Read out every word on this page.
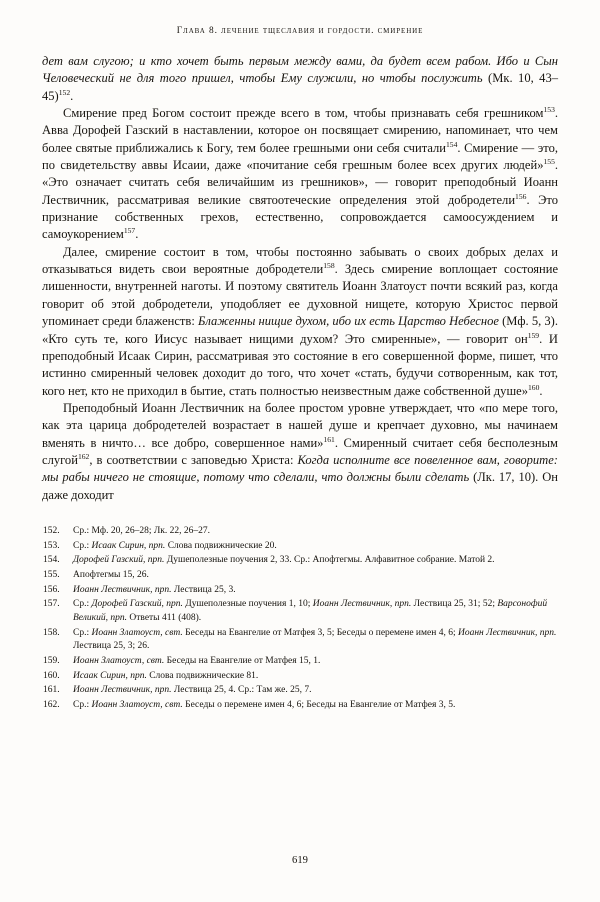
Глава 8. лечение тщеславия и гордости. смирение

дет вам слугою; и кто хочет быть первым между вами, да будет всем рабом. Ибо и Сын Человеческий не для того пришел, чтобы Ему служили, но чтобы послужить (Мк. 10, 43–45)$^{152}$.

Смирение пред Богом состоит прежде всего в том, чтобы признавать себя грешником$^{153}$. Авва Дорофей Газский в наставлении, которое он посвящает смирению, напоминает, что чем более святые приближались к Богу, тем более грешными они себя считали$^{154}$. Смирение — это, по свидетельству аввы Исаии, даже «почитание себя грешным более всех других людей»$^{155}$. «Это означает считать себя величайшим из грешников», — говорит преподобный Иоанн Лествичник, рассматривая великие святоотеческие определения этой добродетели$^{156}$. Это признание собственных грехов, естественно, сопровождается самоосуждением и самоукорением$^{157}$.

Далее, смирение состоит в том, чтобы постоянно забывать о своих добрых делах и отказываться видеть свои вероятные добродетели$^{158}$. Здесь смирение воплощает состояние лишенности, внутренней наготы. И поэтому святитель Иоанн Златоуст почти всякий раз, когда говорит об этой добродетели, уподобляет ее духовной нищете, которую Христос первой упоминает среди блаженств: Блаженны нищие духом, ибо их есть Царство Небесное (Мф. 5, 3). «Кто суть те, кого Иисус называет нищими духом? Это смиренные», — говорит он$^{159}$. И преподобный Исаак Сирин, рассматривая это состояние в его совершенной форме, пишет, что истинно смиренный человек доходит до того, что хочет «стать, будучи сотворенным, как тот, кого нет, кто не приходил в бытие, стать полностью неизвестным даже собственной душе»$^{160}$.

Преподобный Иоанн Лествичник на более простом уровне утверждает, что «по мере того, как эта царица добродетелей возрастает в нашей душе и крепчает духовно, мы начинаем вменять в ничто… все добро, совершенное нами»$^{161}$. Смиренный считает себя бесполезным слугой$^{162}$, в соответствии с заповедью Христа: Когда исполните все повеленное вам, говорите: мы рабы ничего не стоящие, потому что сделали, что должны были сделать (Лк. 17, 10). Он даже доходит

152.	Ср.: Мф. 20, 26–28; Лк. 22, 26–27.
153.	Ср.: Исаак Сирин, прп. Слова подвижнические 20.
154.	Дорофей Газский, прп. Душеполезные поучения 2, 33. Ср.: Апофтегмы. Алфавитное собрание. Матой 2.
155.	Апофтегмы 15, 26.
156.	Иоанн Лествичник, прп. Лествица 25, 3.
157.	Ср.: Дорофей Газский, прп. Душеполезные поучения 1, 10; Иоанн Лествичник, прп. Лествица 25, 31; 52; Варсонофий Великий, прп. Ответы 411 (408).
158.	Ср.: Иоанн Златоуст, свт. Беседы на Евангелие от Матфея 3, 5; Беседы о перемене имен 4, 6; Иоанн Лествичник, прп. Лествица 25, 3; 26.
159.	Иоанн Златоуст, свт. Беседы на Евангелие от Матфея 15, 1.
160.	Исаак Сирин, прп. Слова подвижнические 81.
161.	Иоанн Лествичник, прп. Лествица 25, 4. Ср.: Там же. 25, 7.
162.	Ср.: Иоанн Златоуст, свт. Беседы о перемене имен 4, 6; Беседы на Евангелие от Матфея 3, 5.
619
